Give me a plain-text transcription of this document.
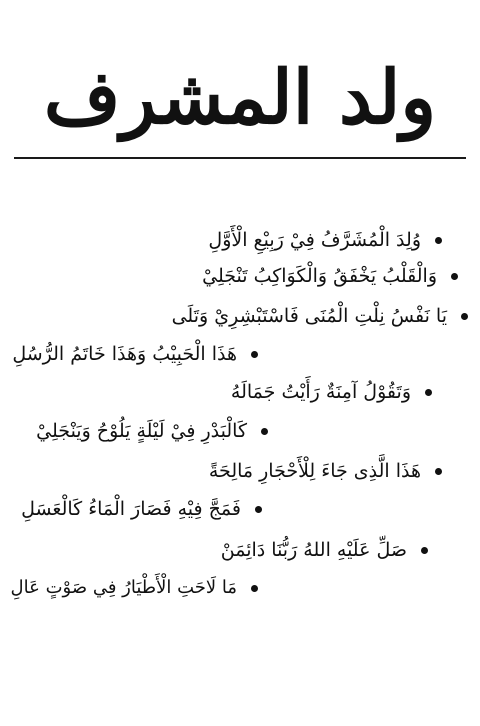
ولد المشرف
وُلِدَ الْمُشَرَّفُ فِيْ رَبِيْعِ الْأَوَّلِ
وَالْقَلْبُ يَخْفَقُ وَالْكَوَاكِبُ تَنْجَلِيْ
يَا نَفْسُ نِلْتِ الْمُنَى فَاسْتَبْشِرِيْ وَتَلَى
هَذَا الْحَبِيْبُ وَهَذَا خَاتَمُ الرُّسُلِ
وَتَقُوْلُ آمِنَةٌ رَأَيْتُ جَمَالَهُ
كَالْبَدْرِ فِيْ لَيْلَةٍ يَلُوْحُ وَيَنْجَلِيْ
هَذَا الَّذِى جَاءَ لِلْأَحْجَارِ مَالِحَةً
فَمَجَّ فِيْهِ فَصَارَ الْمَاءُ كَالْعَسَلِ
صَلِّ عَلَيْهِ اللهُ رَبُّنَا دَائِمَنْ
مَا لَاحَتِ الْأَطْيَارُ فِي صَوْتٍ عَالِ
